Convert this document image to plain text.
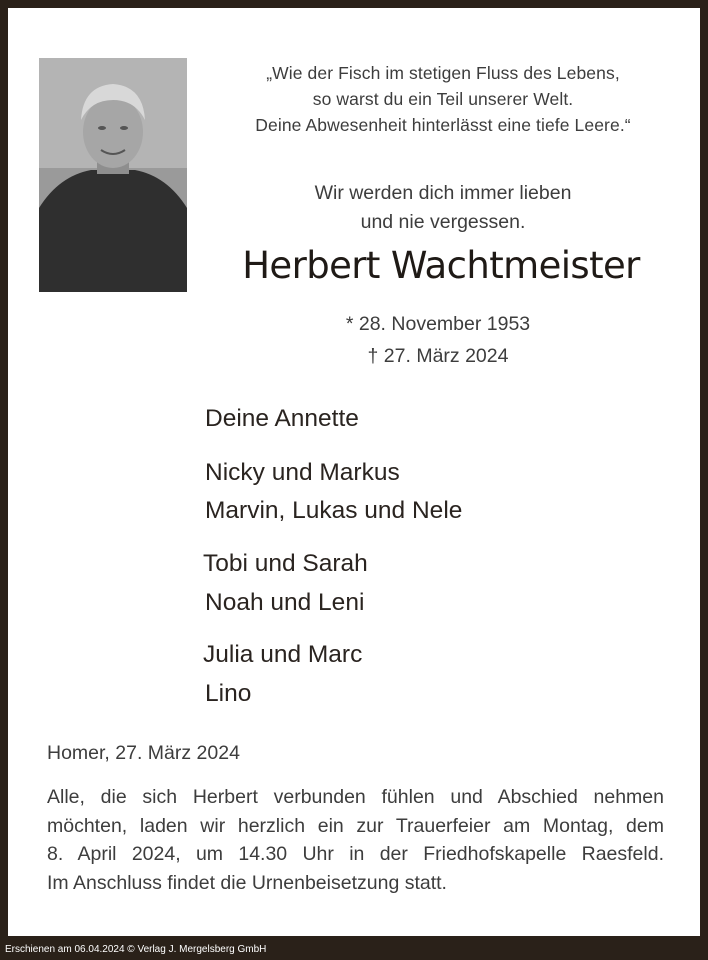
„Wie der Fisch im stetigen Fluss des Lebens,
so warst du ein Teil unserer Welt.
Deine Abwesenheit hinterlässt eine tiefe Leere.“
Wir werden dich immer lieben
und nie vergessen.
Herbert Wachtmeister
* 28. November 1953
† 27. März 2024
Deine Annette
Nicky und Markus
Marvin, Lukas und Nele
Tobi und Sarah
Noah und Leni
Julia und Marc
Lino
Homer, 27. März 2024
Alle, die sich Herbert verbunden fühlen und Abschied nehmen
möchten, laden wir herzlich ein zur Trauerfeier am Montag, dem
8. April 2024, um 14.30 Uhr in der Friedhofskapelle Raesfeld.
Im Anschluss findet die Urnenbeisetzung statt.
Erschienen am 06.04.2024 © Verlag J. Mergelsberg GmbH
